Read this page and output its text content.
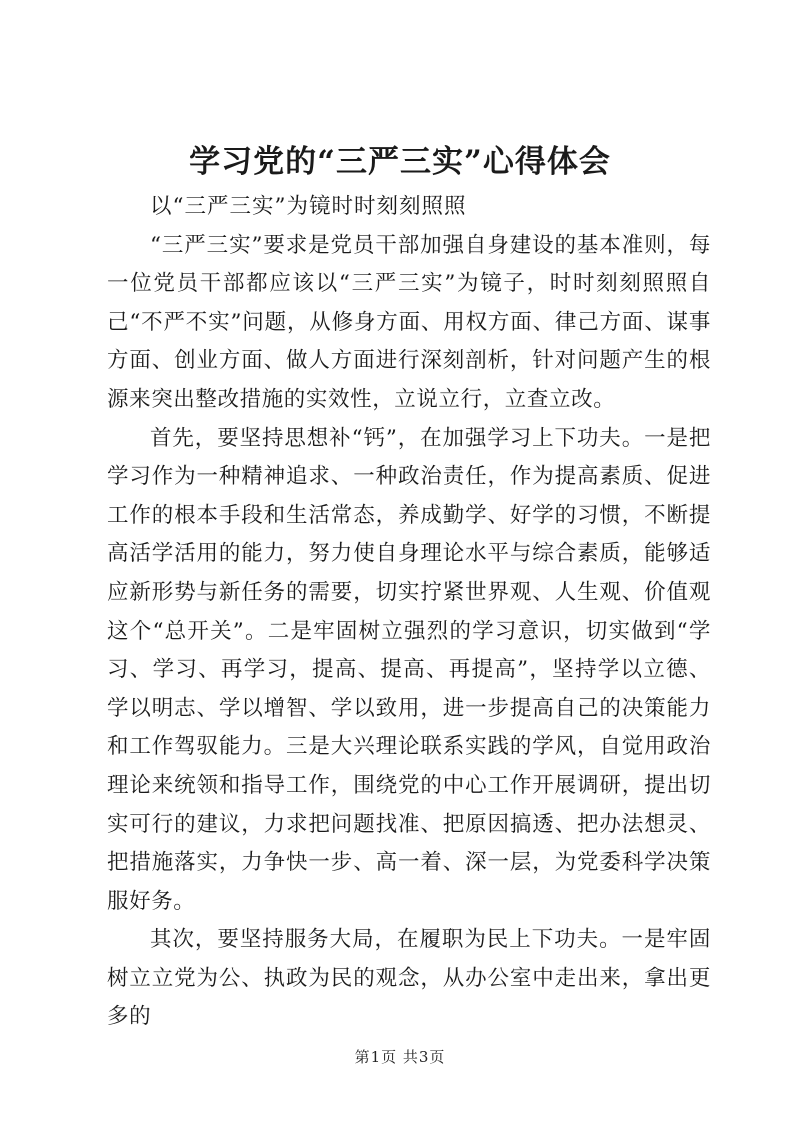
学习党的“三严三实”心得体会

以“三严三实”为镜时时刻刻照照

“三严三实”要求是党员干部加强自身建设的基本准则，每一位党员干部都应该以“三严三实”为镜子，时时刻刻照照自己“不严不实”问题，从修身方面、用权方面、律己方面、谋事方面、创业方面、做人方面进行深刻剖析，针对问题产生的根源来突出整改措施的实效性，立说立行，立查立改。

首先，要坚持思想补“钙”，在加强学习上下功夫。一是把学习作为一种精神追求、一种政治责任，作为提高素质、促进工作的根本手段和生活常态，养成勤学、好学的习惯，不断提高活学活用的能力，努力使自身理论水平与综合素质，能够适应新形势与新任务的需要，切实拧紧世界观、人生观、价值观这个“总开关”。二是牢固树立强烈的学习意识，切实做到“学习、学习、再学习，提高、提高、再提高”，坚持学以立德、学以明志、学以增智、学以致用，进一步提高自己的决策能力和工作驾驭能力。三是大兴理论联系实践的学风，自觉用政治理论来统领和指导工作，围绕党的中心工作开展调研，提出切实可行的建议，力求把问题找准、把原因搞透、把办法想灵、把措施落实，力争快一步、高一着、深一层，为党委科学决策服好务。

其次，要坚持服务大局，在履职为民上下功夫。一是牢固树立立党为公、执政为民的观念，从办公室中走出来，拿出更多的

第1页 共3页
